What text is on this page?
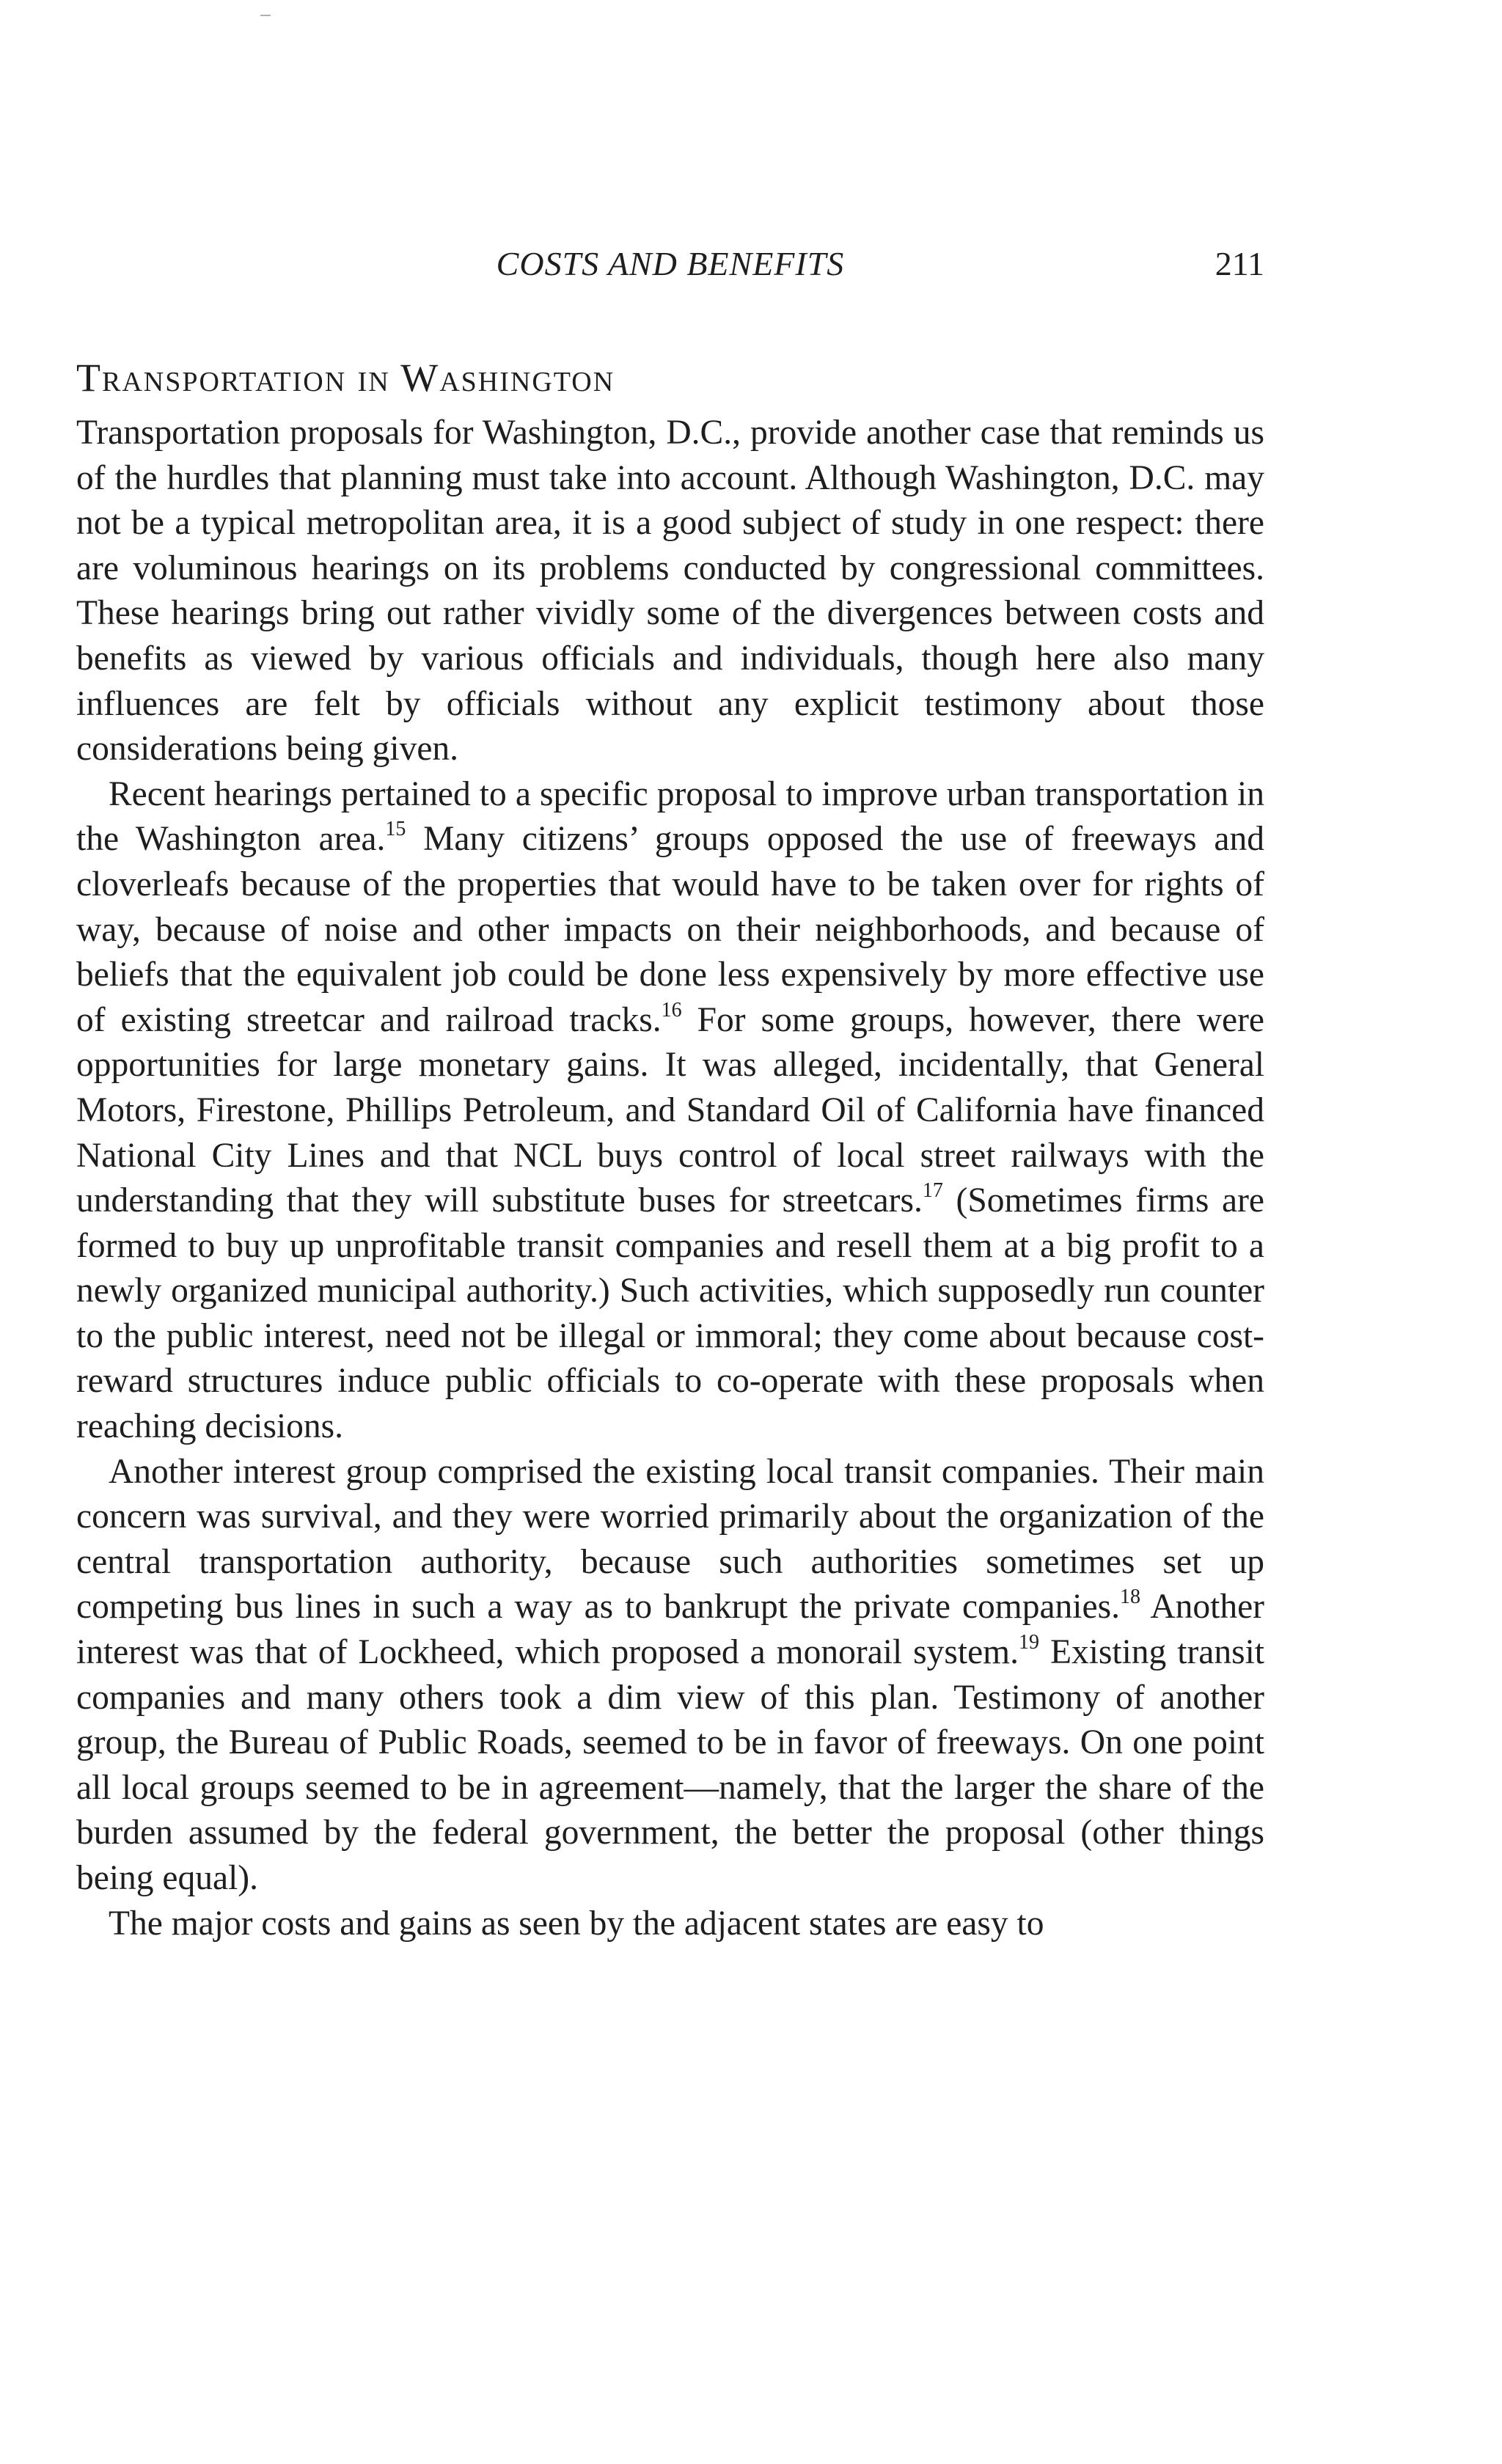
COSTS AND BENEFITS	211
Transportation in Washington

Transportation proposals for Washington, D.C., provide another case that reminds us of the hurdles that planning must take into account. Although Washington, D.C. may not be a typical metropolitan area, it is a good subject of study in one respect: there are voluminous hearings on its problems conducted by congressional committees. These hearings bring out rather vividly some of the divergences between costs and benefits as viewed by various officials and individuals, though here also many influences are felt by officials without any explicit testimony about those considerations being given.

Recent hearings pertained to a specific proposal to improve urban transportation in the Washington area.$^{15}$ Many citizens’ groups opposed the use of freeways and cloverleafs because of the properties that would have to be taken over for rights of way, because of noise and other impacts on their neighborhoods, and because of beliefs that the equivalent job could be done less expensively by more effective use of existing streetcar and railroad tracks.$^{16}$ For some groups, however, there were opportunities for large monetary gains. It was alleged, incidentally, that General Motors, Firestone, Phillips Petroleum, and Standard Oil of California have financed National City Lines and that NCL buys control of local street railways with the understanding that they will substitute buses for streetcars.$^{17}$ (Sometimes firms are formed to buy up unprofitable transit companies and resell them at a big profit to a newly organized municipal authority.) Such activities, which supposedly run counter to the public interest, need not be illegal or immoral; they come about because cost-reward structures induce public officials to co-operate with these proposals when reaching decisions.

Another interest group comprised the existing local transit companies. Their main concern was survival, and they were worried primarily about the organization of the central transportation authority, because such authorities sometimes set up competing bus lines in such a way as to bankrupt the private companies.$^{18}$ Another interest was that of Lockheed, which proposed a monorail system.$^{19}$ Existing transit companies and many others took a dim view of this plan. Testimony of another group, the Bureau of Public Roads, seemed to be in favor of freeways. On one point all local groups seemed to be in agreement—namely, that the larger the share of the burden assumed by the federal government, the better the proposal (other things being equal).

The major costs and gains as seen by the adjacent states are easy to
